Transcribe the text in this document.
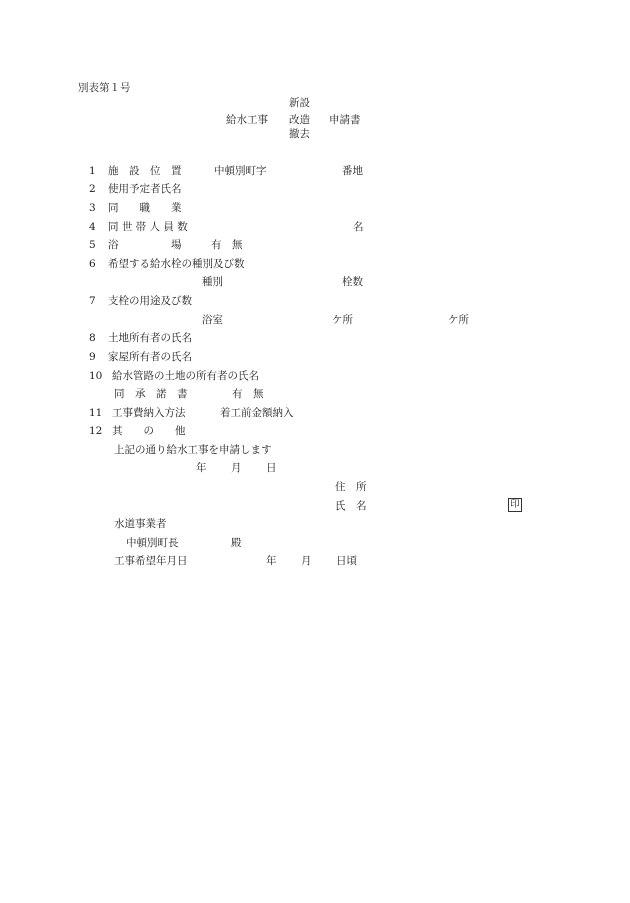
別表第１号
新設
給水工事 改造 申請書
撤去
1 施　設　位　置	中頓別町字	番地
2 使用予定者氏名
3 同　　職　　業
4 同 世 帯 人 員 数	名
5 浴　　　　　場	有　無
6 希望する給水栓の種別及び数
種別	栓数
7 支栓の用途及び数
浴室	ケ所	ケ所
8 土地所有者の氏名
9 家屋所有者の氏名
10 給水管路の土地の所有者の氏名
同　承　諾　書	有　無
11 工事費納入方法	着工前金額納入
12 其　　の　　他
上記の通り給水工事を申請します
年 月 日
住　所
氏　名	印
水道事業者
中頓別町長	殿
工事希望年月日	年 月 日頃
